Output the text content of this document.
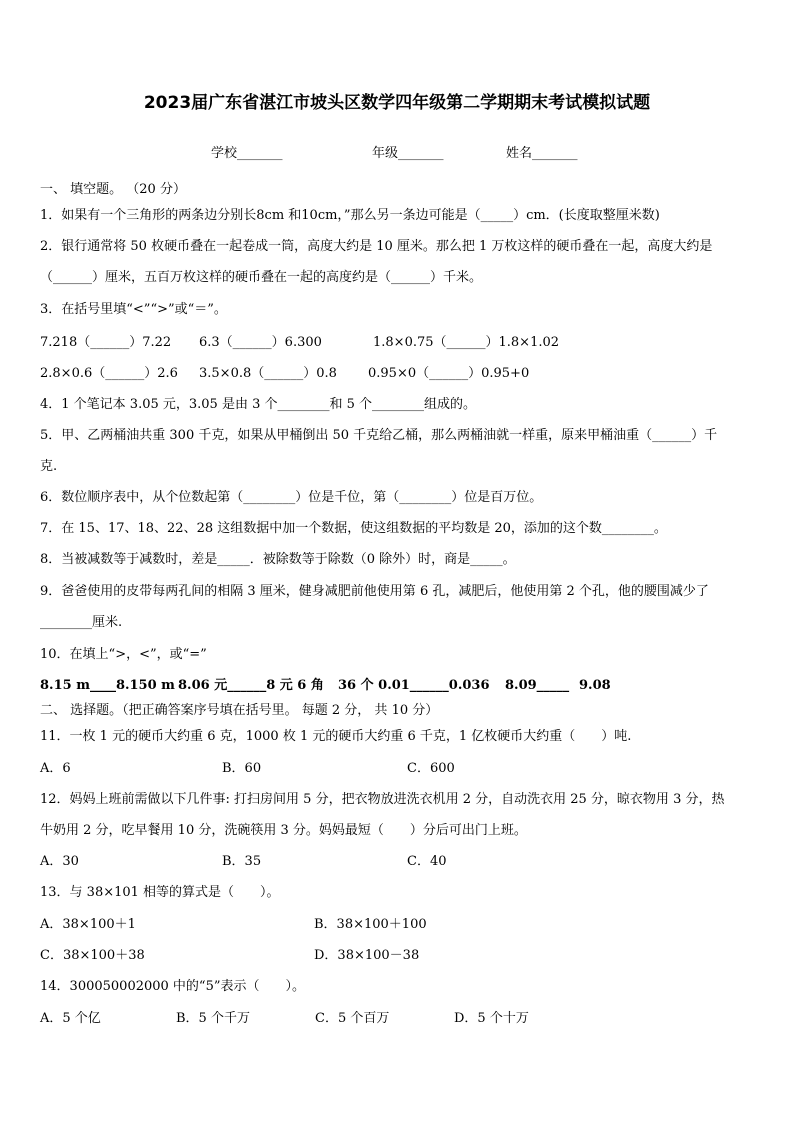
2023届广东省湛江市坡头区数学四年级第二学期期末考试模拟试题
学校_______	年级_______	姓名_______
一、 填空题。 （20 分）
1．如果有一个三角形的两条边分别长8cm 和10cm，”那么另一条边可能是（_____）cm．(长度取整厘米数)
2．银行通常将 50 枚硬币叠在一起卷成一筒，高度大约是 10 厘米。那么把 1 万枚这样的硬币叠在一起，高度大约是
（______）厘米，五百万枚这样的硬币叠在一起的高度约是（______）千米。
3．在括号里填“<”“>”或“＝”。
7.218（______）7.22 6.3（______）6.300	1.8×0.75（______）1.8×1.02
2.8×0.6（______）2.6 3.5×0.8（______）0.8 0.95×0（______）0.95+0
4．1 个笔记本 3.05 元，3.05 是由 3 个________和 5 个________组成的。
5．甲、乙两桶油共重 300 千克，如果从甲桶倒出 50 千克给乙桶，那么两桶油就一样重，原来甲桶油重（______）千
克.
6．数位顺序表中，从个位数起第（________）位是千位，第（________）位是百万位。
7．在 15、17、18、22、28 这组数据中加一个数据，使这组数据的平均数是 20，添加的这个数________。
8．当被减数等于减数时，差是_____．被除数等于除数（0 除外）时，商是_____。
9．爸爸使用的皮带每两孔间的相隔 3 厘米，健身减肥前他使用第 6 孔，减肥后，他使用第 2 个孔，他的腰围减少了
________厘米.
10．在填上“>，<”，或“=”
8.15 m____8.150 m 8.06 元______8 元 6 角 36 个 0.01______0.036 8.09_____ 9.08
二、 选择题。（把正确答案序号填在括号里。 每题 2 分， 共 10 分）
11．一枚 1 元的硬币大约重 6 克，1000 枚 1 元的硬币大约重 6 千克，1 亿枚硬币大约重（　　）吨.
A．6	B．60	C．600
12．妈妈上班前需做以下几件事: 打扫房间用 5 分，把衣物放进洗衣机用 2 分，自动洗衣用 25 分，晾衣物用 3 分，热
牛奶用 2 分，吃早餐用 10 分，洗碗筷用 3 分。妈妈最短（　　）分后可出门上班。
A．30	B．35	C．40
13．与 38×101 相等的算式是（　　）。
A．38×100＋1	B．38×100＋100
C．38×100＋38	D．38×100－38
14．300050002000 中的“5”表示（　　）。
A．5 个亿	B．5 个千万	C．5 个百万	D．5 个十万
